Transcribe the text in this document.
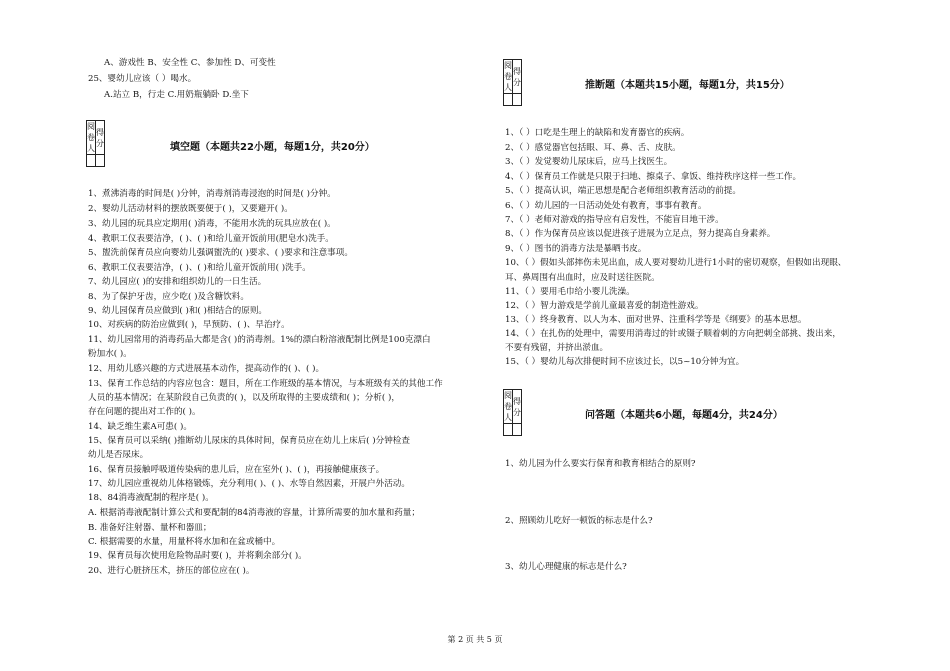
A、游戏性 B、安全性 C、参加性 D、可变性
25、婴幼儿应该（ ）喝水。
A.站立 B，行走 C.用奶瓶躺卧 D.坐下
阅卷人	得分
		填空题（本题共22小题，每题1分，共20分）
1、煮沸消毒的时间是( )分钟，消毒剂消毒浸泡的时间是( )分钟。
2、婴幼儿活动材料的摆放既要便于( )，又要避开( )。
3、幼儿园的玩具应定期用( )消毒，不能用水洗的玩具应放在( )。
4、教职工仪表要洁净，( )、( )和给儿童开饭前用(肥皂水)洗手。
5、盥洗前保育员应向婴幼儿强调盥洗的( )要求、( )要求和注意事项。
6、教职工仪表要洁净，( )、( )和给儿童开饭前用( )洗手。
7、幼儿园应( )的安排和组织幼儿的一日生活。
8、为了保护牙齿，应少吃( )及含糖饮料。
9、幼儿园保育员应做到( )和( )相结合的原则。
10、对疾病的防治应做到( )，早预防、( )、早治疗。
11、幼儿园常用的消毒药品大都是含( )的消毒剂。1%的漂白粉溶液配制比例是100克漂白
粉加水( )。
12、用幼儿感兴趣的方式进展基本动作，提高动作的( )、( )。
13、保育工作总结的内容应包含：题目，所在工作班级的基本情况，与本班级有关的其他工作
人员的基本情况；在某阶段自己负责的( )，以及所取得的主要成绩和( )；分析( )，
存在问题的提出对工作的( )。
14、缺乏维生素A可患( )。
15、保育员可以采纳( )推断幼儿尿床的具体时间，保育员应在幼儿上床后( )分钟检查
幼儿是否尿床。
16、保育员接触呼吸道传染病的患儿后，应在室外( )、( )，再接触健康孩子。
17、幼儿园应重视幼儿体格锻炼，充分利用( )、( )、水等自然因素，开展户外活动。
18、84消毒液配制的程序是( )。
A. 根据消毒液配制计算公式和要配制的84消毒液的容量，计算所需要的加水量和药量；
B. 准备好注射器、量杯和器皿；
C. 根据需要的水量，用量杯将水加和在盆或桶中。
19、保育员每次使用危险物品时要( )，并将剩余部分( )。
20、进行心脏挤压术，挤压的部位应在( )。
阅卷人	得分
		推断题（本题共15小题，每题1分，共15分）
1、（ ）口吃是生理上的缺陷和发育器官的疾病。
2、（ ）感觉器官包括眼、耳、鼻、舌、皮肤。
3、（ ）发觉婴幼儿尿床后，应马上找医生。
4、（ ）保育员工作就是只限于扫地、擦桌子、拿饭、维持秩序这样一些工作。
5、（ ）提高认识，端正思想是配合老师组织教育活动的前提。
6、（ ）幼儿园的一日活动处处有教育，事事有教育。
7、（ ）老师对游戏的指导应有启发性，不能盲目地干涉。
8、（ ）作为保育员应该以促进孩子进展为立足点，努力提高自身素养。
9、（ ）图书的消毒方法是暴晒书皮。
10、（ ）假如头部摔伤未见出血，成人要对婴幼儿进行1小时的密切观察，但假如出现眼、
耳、鼻周围有出血时，应及时送往医院。
11、（ ）要用毛巾给小婴儿洗澡。
12、（ ）智力游戏是学前儿童最喜爱的制造性游戏。
13、（ ）终身教育、以人为本、面对世界、注重科学等是《纲要》的基本思想。
14、（ ）在扎伤的处理中，需要用消毒过的针或镊子顺着刺的方向把刺全部挑、拨出来，
不要有残留，并挤出淤血。
15、（ ）婴幼儿每次排便时间不应该过长，以5~10分钟为宜。
阅卷人	得分
		问答题（本题共6小题，每题4分，共24分）
1、幼儿园为什么要实行保育和教育相结合的原则?
2、照顾幼儿吃好一顿饭的标志是什么?
3、幼儿心理健康的标志是什么?
第 2 页 共 5 页
